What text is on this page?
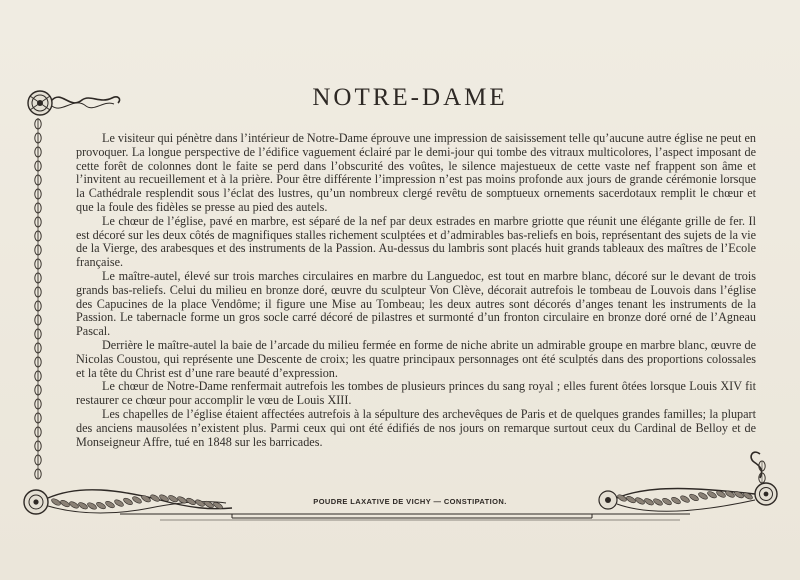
NOTRE-DAME

Le visiteur qui pénètre dans l’intérieur de Notre-Dame éprouve une impression de saisissement telle qu’aucune autre église ne peut en provoquer. La longue perspective de l’édifice vaguement éclairé par le demi-jour qui tombe des vitraux multicolores, l’aspect imposant de cette forêt de colonnes dont le faite se perd dans l’obscurité des voûtes, le silence majestueux de cette vaste nef frappent son âme et l’invitent au recueillement et à la prière. Pour être différente l’impression n’est pas moins profonde aux jours de grande cérémonie lorsque la Cathédrale resplendit sous l’éclat des lustres, qu’un nombreux clergé revêtu de somptueux ornements sacerdotaux remplit le chœur et que la foule des fidèles se presse au pied des autels.

Le chœur de l’église, pavé en marbre, est séparé de la nef par deux estrades en marbre griotte que réunit une élégante grille de fer. Il est décoré sur les deux côtés de magnifiques stalles richement sculptées et d’admirables bas-reliefs en bois, représentant des sujets de la vie de la Vierge, des arabesques et des instruments de la Passion. Au-dessus du lambris sont placés huit grands tableaux des maîtres de l’Ecole française.

Le maître-autel, élevé sur trois marches circulaires en marbre du Languedoc, est tout en marbre blanc, décoré sur le devant de trois grands bas-reliefs. Celui du milieu en bronze doré, œuvre du sculpteur Von Clève, décorait autrefois le tombeau de Louvois dans l’église des Capucines de la place Vendôme; il figure une Mise au Tombeau; les deux autres sont décorés d’anges tenant les instruments de la Passion. Le tabernacle forme un gros socle carré décoré de pilastres et surmonté d’un fronton circulaire en bronze doré orné de l’Agneau Pascal.

Derrière le maître-autel la baie de l’arcade du milieu fermée en forme de niche abrite un admirable groupe en marbre blanc, œuvre de Nicolas Coustou, qui représente une Descente de croix; les quatre principaux personnages ont été sculptés dans des proportions colossales et la tête du Christ est d’une rare beauté d’expression.

Le chœur de Notre-Dame renfermait autrefois les tombes de plusieurs princes du sang royal ; elles furent ôtées lorsque Louis XIV fit restaurer ce chœur pour accomplir le vœu de Louis XIII.

Les chapelles de l’église étaient affectées autrefois à la sépulture des archevêques de Paris et de quelques grandes familles; la plupart des anciens mausolées n’existent plus. Parmi ceux qui ont été édifiés de nos jours on remarque surtout ceux du Cardinal de Belloy et de Monseigneur Affre, tué en 1848 sur les barricades.

POUDRE LAXATIVE DE VICHY — CONSTIPATION.
